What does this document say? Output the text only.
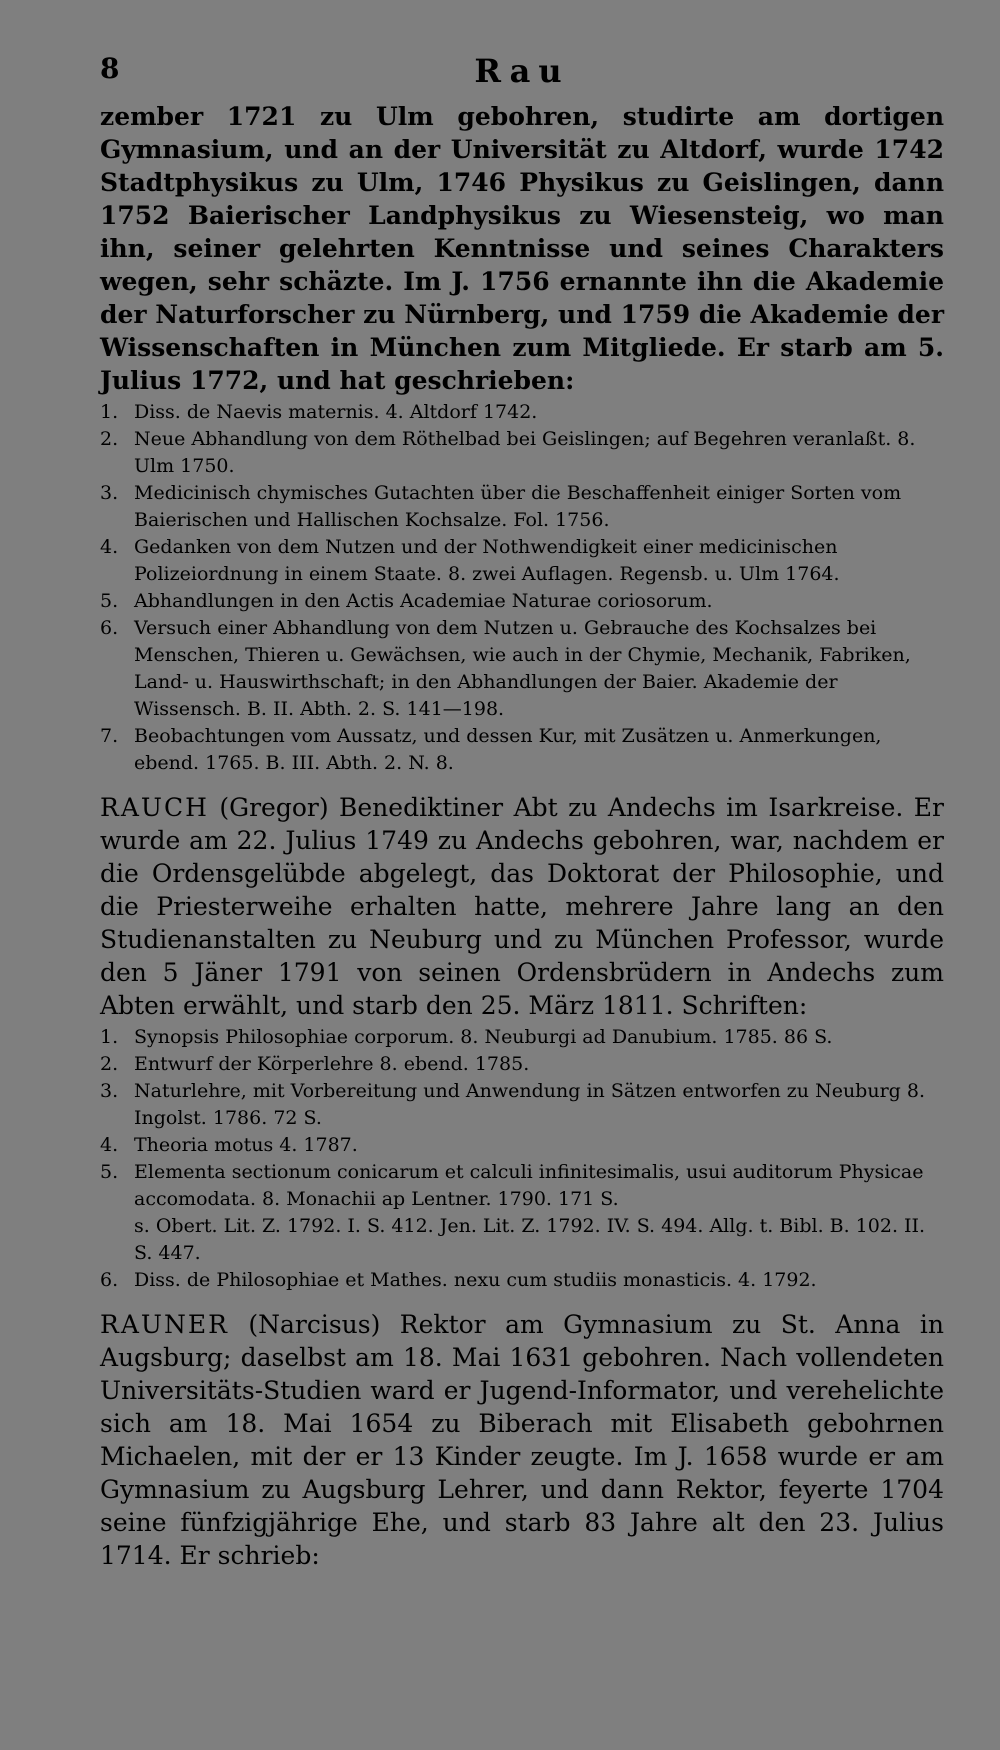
8	Rau

zember 1721 zu Ulm gebohren, studirte am dortigen Gymnasium, und an der Universität zu Altdorf, wurde 1742 Stadtphysikus zu Ulm, 1746 Physikus zu Geislingen, dann 1752 Baierischer Landphysikus zu Wiesensteig, wo man ihn, seiner gelehrten Kenntnisse und seines Charakters wegen, sehr schäzte. Im J. 1756 ernannte ihn die Akademie der Naturforscher zu Nürnberg, und 1759 die Akademie der Wissenschaften in München zum Mitgliede. Er starb am 5. Julius 1772, und hat geschrieben:

1. Diss. de Naevis maternis. 4. Altdorf 1742.
2. Neue Abhandlung von dem Röthelbad bei Geislingen; auf Begehren veranlaßt. 8. Ulm 1750.
3. Medicinisch chymisches Gutachten über die Beschaffenheit einiger Sorten vom Baierischen und Hallischen Kochsalze. Fol. 1756.
4. Gedanken von dem Nutzen und der Nothwendigkeit einer medicinischen Polizeiordnung in einem Staate. 8. zwei Auflagen. Regensb. u. Ulm 1764.
5. Abhandlungen in den Actis Academiae Naturae coriosorum.
6. Versuch einer Abhandlung von dem Nutzen u. Gebrauche des Kochsalzes bei Menschen, Thieren u. Gewächsen, wie auch in der Chymie, Mechanik, Fabriken, Land- u. Hauswirthschaft; in den Abhandlungen der Baier. Akademie der Wissensch. B. II. Abth. 2. S. 141—198.
7. Beobachtungen vom Aussatz, und dessen Kur, mit Zusätzen u. Anmerkungen, ebend. 1765. B. III. Abth. 2. N. 8.

RAUCH (Gregor) Benediktiner Abt zu Andechs im Isarkreise. Er wurde am 22. Julius 1749 zu Andechs gebohren, war, nachdem er die Ordensgelübde abgelegt, das Doktorat der Philosophie, und die Priesterweihe erhalten hatte, mehrere Jahre lang an den Studienanstalten zu Neuburg und zu München Professor, wurde den 5 Jäner 1791 von seinen Ordensbrüdern in Andechs zum Abten erwählt, und starb den 25. März 1811. Schriften:

1. Synopsis Philosophiae corporum. 8. Neuburgi ad Danubium. 1785. 86 S.
2. Entwurf der Körperlehre 8. ebend. 1785.
3. Naturlehre, mit Vorbereitung und Anwendung in Sätzen entworfen zu Neuburg 8. Ingolst. 1786. 72 S.
4. Theoria motus 4. 1787.
5. Elementa sectionum conicarum et calculi infinitesimalis, usui auditorum Physicae accomodata. 8. Monachii ap Lentner. 1790. 171 S.
s. Obert. Lit. Z. 1792. I. S. 412. Jen. Lit. Z. 1792. IV. S. 494. Allg. t. Bibl. B. 102. II. S. 447.
6. Diss. de Philosophiae et Mathes. nexu cum studiis monasticis. 4. 1792.

RAUNER (Narcisus) Rektor am Gymnasium zu St. Anna in Augsburg; daselbst am 18. Mai 1631 gebohren. Nach vollendeten Universitäts-Studien ward er Jugend-Informator, und verehelichte sich am 18. Mai 1654 zu Biberach mit Elisabeth gebohrnen Michaelen, mit der er 13 Kinder zeugte. Im J. 1658 wurde er am Gymnasium zu Augsburg Lehrer, und dann Rektor, feyerte 1704 seine fünfzigjährige Ehe, und starb 83 Jahre alt den 23. Julius 1714. Er schrieb:
